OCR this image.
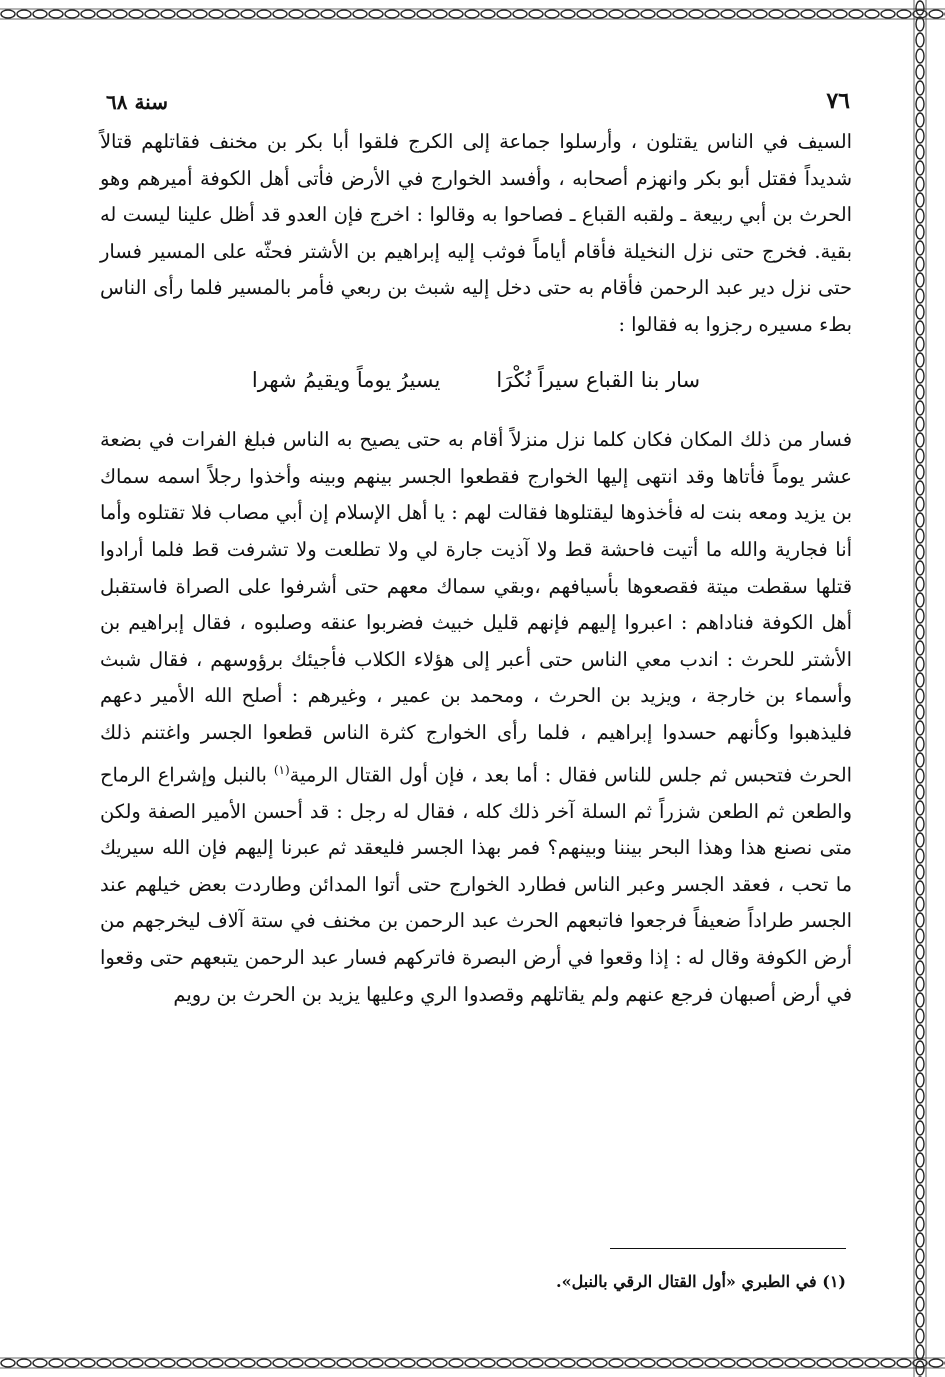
٧٦
سنة ٦٨

السيف في الناس يقتلون ، وأرسلوا جماعة إلى الكرج فلقوا أبا بكر بن مخنف فقاتلهم قتالاً شديداً فقتل أبو بكر وانهزم أصحابه ، وأفسد الخوارج في الأرض فأتى أهل الكوفة أميرهم وهو الحرث بن أبي ربيعة ـ ولقبه القباع ـ فصاحوا به وقالوا : اخرج فإن العدو قد أظل علينا ليست له بقية. فخرج حتى نزل النخيلة فأقام أياماً فوثب إليه إبراهيم بن الأشتر فحثّه على المسير فسار حتى نزل دير عبد الرحمن فأقام به حتى دخل إليه شبث بن ربعي فأمر بالمسير فلما رأى الناس بطء مسيره رجزوا به فقالوا :

سار بنا القباع سيراً نُكْرَا
يسيرُ يوماً ويقيمُ شهرا

فسار من ذلك المكان فكان كلما نزل منزلاً أقام به حتى يصيح به الناس فبلغ الفرات في بضعة عشر يوماً فأتاها وقد انتهى إليها الخوارج فقطعوا الجسر بينهم وبينه وأخذوا رجلاً اسمه سماك بن يزيد ومعه بنت له فأخذوها ليقتلوها فقالت لهم : يا أهل الإسلام إن أبي مصاب فلا تقتلوه وأما أنا فجارية والله ما أتيت فاحشة قط ولا آذيت جارة لي ولا تطلعت ولا تشرفت قط فلما أرادوا قتلها سقطت ميتة فقصعوها بأسيافهم ،وبقي سماك معهم حتى أشرفوا على الصراة فاستقبل أهل الكوفة فناداهم : اعبروا إليهم فإنهم قليل خبيث فضربوا عنقه وصلبوه ، فقال إبراهيم بن الأشتر للحرث : اندب معي الناس حتى أعبر إلى هؤلاء الكلاب فأجيئك برؤوسهم ، فقال شبث وأسماء بن خارجة ، ويزيد بن الحرث ، ومحمد بن عمير ، وغيرهم : أصلح الله الأمير دعهم فليذهبوا وكأنهم حسدوا إبراهيم ، فلما رأى الخوارج كثرة الناس قطعوا الجسر واغتنم ذلك الحرث فتحبس ثم جلس للناس فقال : أما بعد ، فإن أول القتال الرمية$^{(١)}$ بالنبل وإشراع الرماح والطعن ثم الطعن شزراً ثم السلة آخر ذلك كله ، فقال له رجل : قد أحسن الأمير الصفة ولكن متى نصنع هذا وهذا البحر بيننا وبينهم؟ فمر بهذا الجسر فليعقد ثم عبرنا إليهم فإن الله سيريك ما تحب ، فعقد الجسر وعبر الناس فطارد الخوارج حتى أتوا المدائن وطاردت بعض خيلهم عند الجسر طراداً ضعيفاً فرجعوا فاتبعهم الحرث عبد الرحمن بن مخنف في ستة آلاف ليخرجهم من أرض الكوفة وقال له : إذا وقعوا في أرض البصرة فاتركهم فسار عبد الرحمن يتبعهم حتى وقعوا في أرض أصبهان فرجع عنهم ولم يقاتلهم وقصدوا الري وعليها يزيد بن الحرث بن رويم

(١) في الطبري «أول القتال الرقي بالنبل».
